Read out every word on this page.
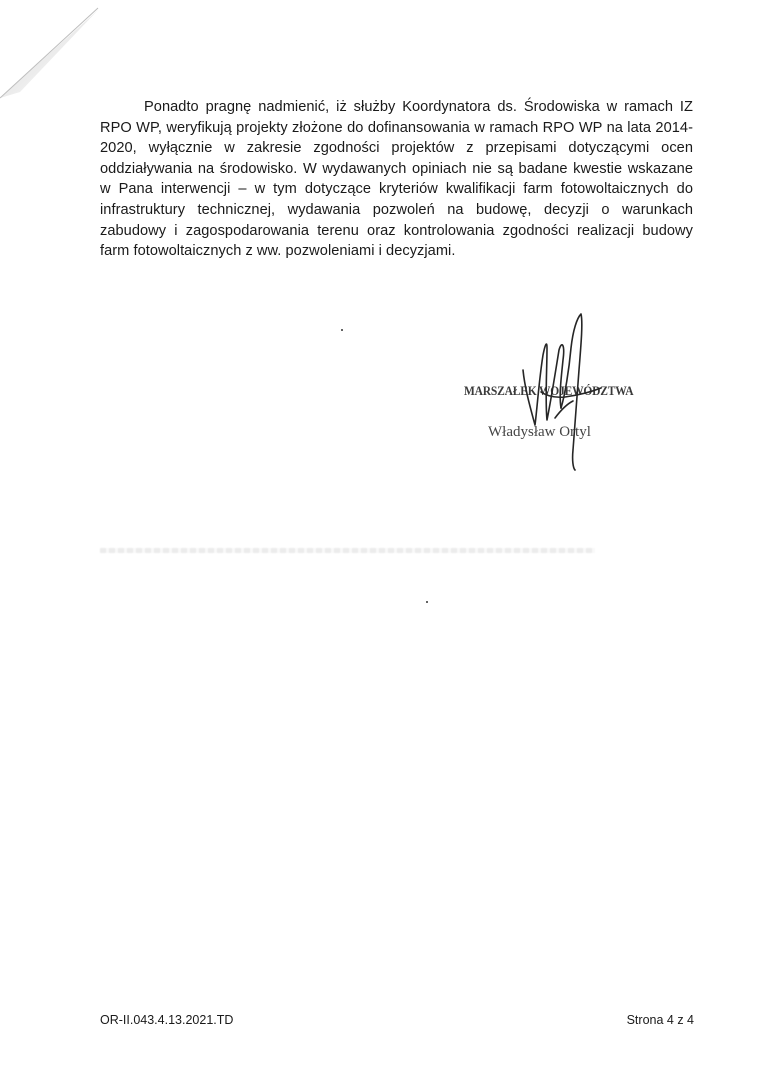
Ponadto pragnę nadmienić, iż służby Koordynatora ds. Środowiska w ramach IZ RPO WP, weryfikują projekty złożone do dofinansowania w ramach RPO WP na lata 2014-2020, wyłącznie w zakresie zgodności projektów z przepisami dotyczącymi ocen oddziaływania na środowisko. W wydawanych opiniach nie są badane kwestie wskazane w Pana interwencji – w tym dotyczące kryteriów kwalifikacji farm fotowoltaicznych do infrastruktury technicznej, wydawania pozwoleń na budowę, decyzji o warunkach zabudowy i zagospodarowania terenu oraz kontrolowania zgodności realizacji budowy farm fotowoltaicznych z ww. pozwoleniami i decyzjami.

MARSZAŁEK WOJEWÓDZTWA
Władysław Ortyl
OR-II.043.4.13.2021.TD	Strona 4 z 4
